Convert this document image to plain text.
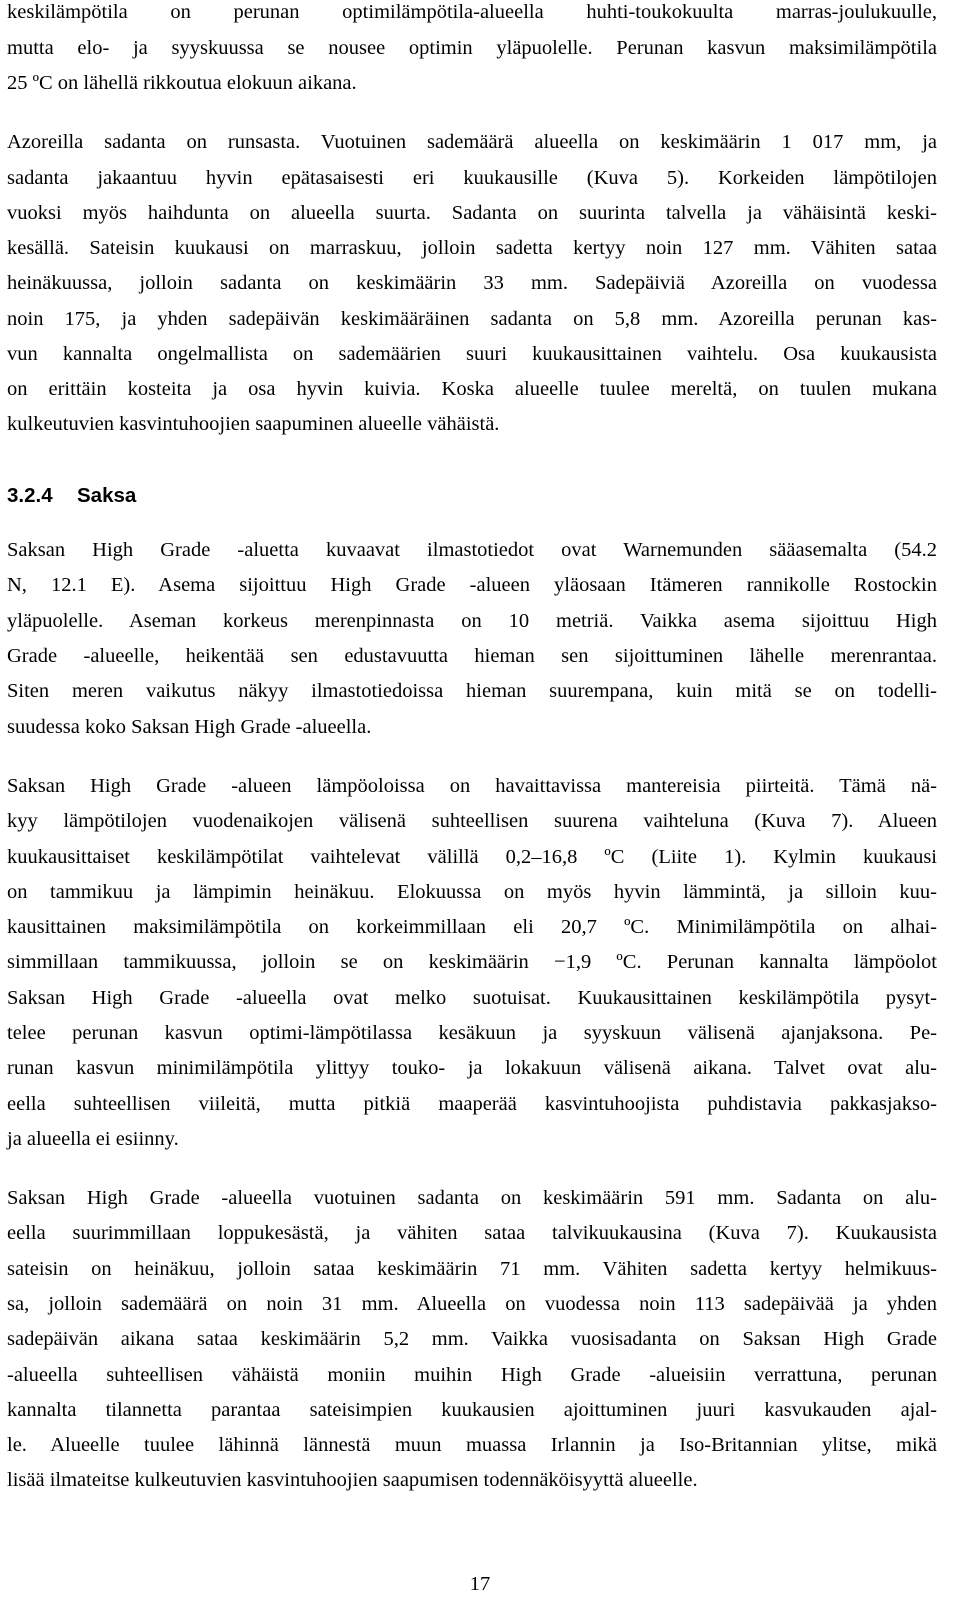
keskilämpötila on perunan optimilämpötila-alueella huhti-toukokuulta marras-joulukuulle,
mutta elo- ja syyskuussa se nousee optimin yläpuolelle. Perunan kasvun maksimilämpötila
25 ºC on lähellä rikkoutua elokuun aikana.
Azoreilla sadanta on runsasta. Vuotuinen sademäärä alueella on keskimäärin 1 017 mm, ja
sadanta jakaantuu hyvin epätasaisesti eri kuukausille (Kuva 5). Korkeiden lämpötilojen
vuoksi myös haihdunta on alueella suurta. Sadanta on suurinta talvella ja vähäisintä keski-
kesällä. Sateisin kuukausi on marraskuu, jolloin sadetta kertyy noin 127 mm. Vähiten sataa
heinäkuussa, jolloin sadanta on keskimäärin 33 mm. Sadepäiviä Azoreilla on vuodessa
noin 175, ja yhden sadepäivän keskimääräinen sadanta on 5,8 mm. Azoreilla perunan kas-
vun kannalta ongelmallista on sademäärien suuri kuukausittainen vaihtelu. Osa kuukausista
on erittäin kosteita ja osa hyvin kuivia. Koska alueelle tuulee mereltä, on tuulen mukana
kulkeutuvien kasvintuhoojien saapuminen alueelle vähäistä.
3.2.4 Saksa
Saksan High Grade -aluetta kuvaavat ilmastotiedot ovat Warnemunden sääasemalta (54.2
N, 12.1 E). Asema sijoittuu High Grade -alueen yläosaan Itämeren rannikolle Rostockin
yläpuolelle. Aseman korkeus merenpinnasta on 10 metriä. Vaikka asema sijoittuu High
Grade -alueelle, heikentää sen edustavuutta hieman sen sijoittuminen lähelle merenrantaa.
Siten meren vaikutus näkyy ilmastotiedoissa hieman suurempana, kuin mitä se on todelli-
suudessa koko Saksan High Grade -alueella.
Saksan High Grade -alueen lämpöoloissa on havaittavissa mantereisia piirteitä. Tämä nä-
kyy lämpötilojen vuodenaikojen välisenä suhteellisen suurena vaihteluna (Kuva 7). Alueen
kuukausittaiset keskilämpötilat vaihtelevat välillä 0,2–16,8 ºC (Liite 1). Kylmin kuukausi
on tammikuu ja lämpimin heinäkuu. Elokuussa on myös hyvin lämmintä, ja silloin kuu-
kausittainen maksimilämpötila on korkeimmillaan eli 20,7 ºC. Minimilämpötila on alhai-
simmillaan tammikuussa, jolloin se on keskimäärin −1,9 ºC. Perunan kannalta lämpöolot
Saksan High Grade -alueella ovat melko suotuisat. Kuukausittainen keskilämpötila pysyt-
telee perunan kasvun optimi-lämpötilassa kesäkuun ja syyskuun välisenä ajanjaksona. Pe-
runan kasvun minimilämpötila ylittyy touko- ja lokakuun välisenä aikana. Talvet ovat alu-
eella suhteellisen viileitä, mutta pitkiä maaperää kasvintuhoojista puhdistavia pakkasjakso-
ja alueella ei esiinny.
Saksan High Grade -alueella vuotuinen sadanta on keskimäärin 591 mm. Sadanta on alu-
eella suurimmillaan loppukesästä, ja vähiten sataa talvikuukausina (Kuva 7). Kuukausista
sateisin on heinäkuu, jolloin sataa keskimäärin 71 mm. Vähiten sadetta kertyy helmikuus-
sa, jolloin sademäärä on noin 31 mm. Alueella on vuodessa noin 113 sadepäivää ja yhden
sadepäivän aikana sataa keskimäärin 5,2 mm. Vaikka vuosisadanta on Saksan High Grade
-alueella suhteellisen vähäistä moniin muihin High Grade -alueisiin verrattuna, perunan
kannalta tilannetta parantaa sateisimpien kuukausien ajoittuminen juuri kasvukauden ajal-
le. Alueelle tuulee lähinnä lännestä muun muassa Irlannin ja Iso-Britannian ylitse, mikä
lisää ilmateitse kulkeutuvien kasvintuhoojien saapumisen todennäköisyyttä alueelle.
17
